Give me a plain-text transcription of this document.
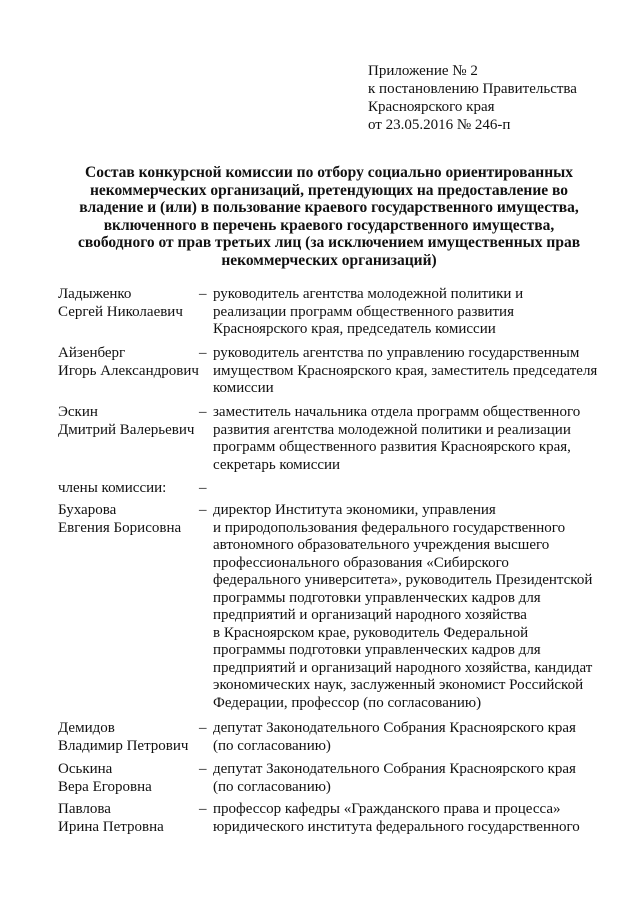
Приложение № 2
к постановлению Правительства
Красноярского края
от 23.05.2016 № 246-п
Состав конкурсной комиссии по отбору социально ориентированных
некоммерческих организаций, претендующих на предоставление во
владение и (или) в пользование краевого государственного имущества,
включенного в перечень краевого государственного имущества,
свободного от прав третьих лиц (за исключением имущественных прав
некоммерческих организаций)
Ладыженко
Сергей Николаевич
– руководитель агентства молодежной политики и
реализации программ общественного развития
Красноярского края, председатель комиссии
Айзенберг
Игорь Александрович
– руководитель агентства по управлению государственным
имуществом Красноярского края, заместитель председателя
комиссии
Эскин
Дмитрий Валерьевич
– заместитель начальника отдела программ общественного
развития агентства молодежной политики и реализации
программ общественного развития Красноярского края,
секретарь комиссии
члены комиссии:	–
Бухарова
Евгения Борисовна
– директор Института экономики, управления
и природопользования федерального государственного
автономного образовательного учреждения высшего
профессионального образования «Сибирского
федерального университета», руководитель Президентской
программы подготовки управленческих кадров для
предприятий и организаций народного хозяйства
в Красноярском крае, руководитель Федеральной
программы подготовки управленческих кадров для
предприятий и организаций народного хозяйства, кандидат
экономических наук, заслуженный экономист Российской
Федерации, профессор (по согласованию)
Демидов
Владимир Петрович
– депутат Законодательного Собрания Красноярского края
(по согласованию)
Оськина
Вера Егоровна
– депутат Законодательного Собрания Красноярского края
(по согласованию)
Павлова
Ирина Петровна
– профессор кафедры «Гражданского права и процесса»
юридического института федерального государственного
